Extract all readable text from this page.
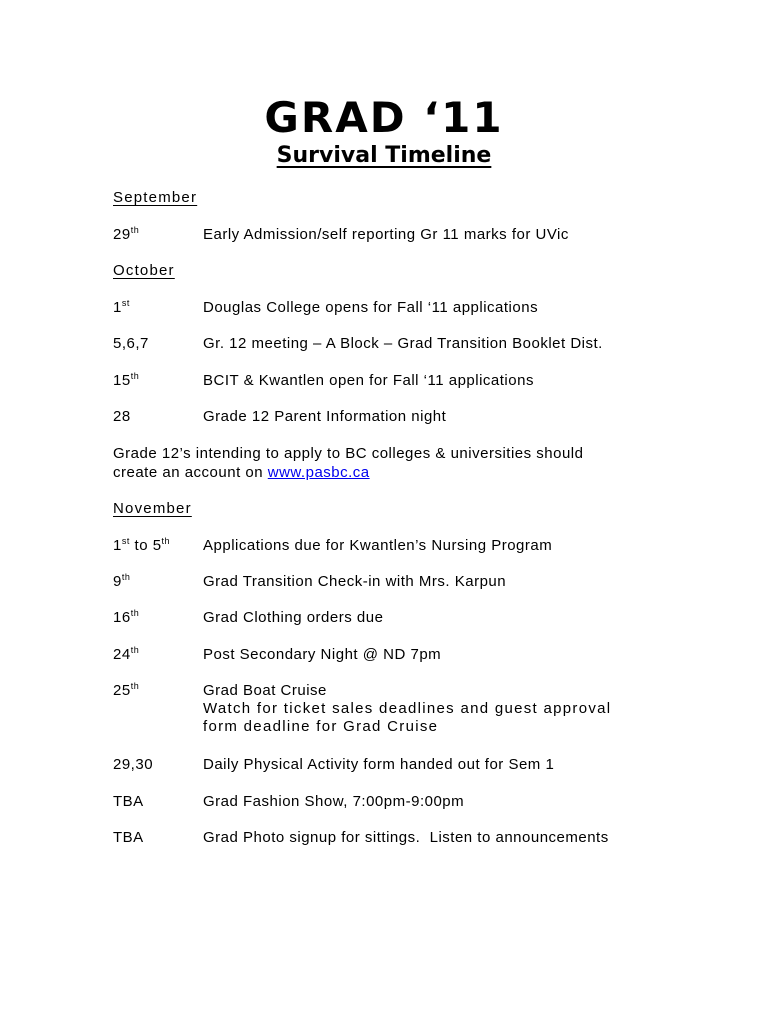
GRAD ‘11
Survival Timeline
September
29th	Early Admission/self reporting Gr 11 marks for UVic
October
1st	Douglas College opens for Fall ‘11 applications
5,6,7	Gr. 12 meeting – A Block – Grad Transition Booklet Dist.
15th	BCIT & Kwantlen open for Fall ‘11 applications
28	Grade 12 Parent Information night
Grade 12’s intending to apply to BC colleges & universities should
create an account on www.pasbc.ca
November
1st to 5th Applications due for Kwantlen’s Nursing Program
9th	Grad Transition Check-in with Mrs. Karpun
16th	Grad Clothing orders due
24th	Post Secondary Night @ ND 7pm
25th	Grad Boat Cruise
Watch for ticket sales deadlines and guest approval
form deadline for Grad Cruise
29,30	Daily Physical Activity form handed out for Sem 1
TBA	Grad Fashion Show, 7:00pm-9:00pm
TBA	Grad Photo signup for sittings.  Listen to announcements
